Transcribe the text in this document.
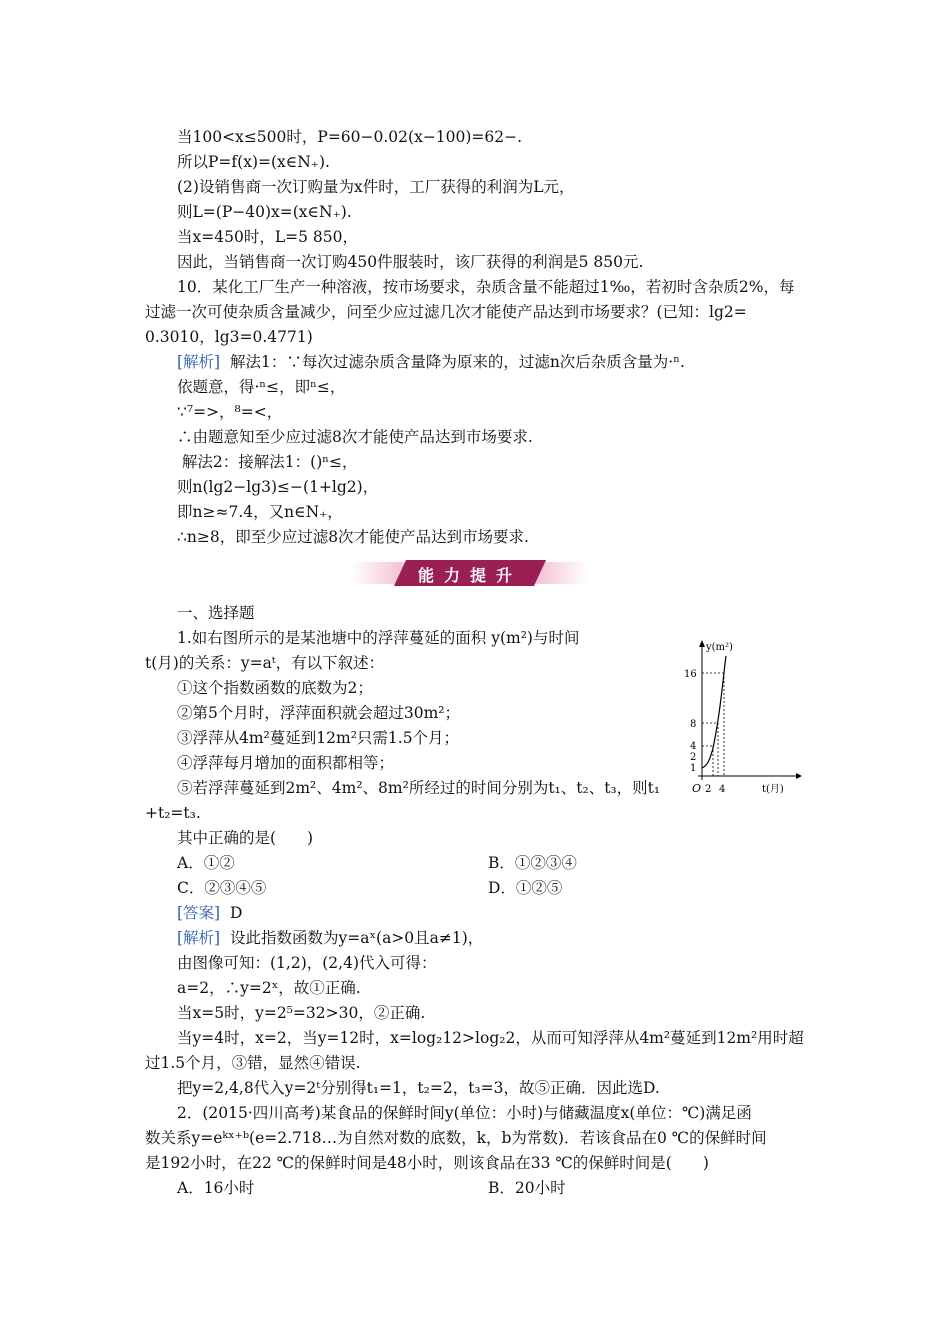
当100<x≤500时，P=60−0.02(x−100)=62−.
所以P=f(x)=(x∈N₊).
(2)设销售商一次订购量为x件时，工厂获得的利润为L元，
则L=(P−40)x=(x∈N₊).
当x=450时，L=5 850，
因此，当销售商一次订购450件服装时，该厂获得的利润是5 850元.
10．某化工厂生产一种溶液，按市场要求，杂质含量不能超过1‰，若初时含杂质2%，每
过滤一次可使杂质含量减少，问至少应过滤几次才能使产品达到市场要求？(已知：lg2=
0.3010，lg3=0.4771)
[解析]  解法1：∵每次过滤杂质含量降为原来的，过滤n次后杂质含量为·ⁿ.
依题意，得·ⁿ≤，即ⁿ≤，
∵⁷=>，⁸=<，
∴由题意知至少应过滤8次才能使产品达到市场要求.
解法2：接解法1：()ⁿ≤，
则n(lg2−lg3)≤−(1+lg2)，
即n≥≈7.4，又n∈N₊，
∴n≥8，即至少应过滤8次才能使产品达到市场要求.
能力提升
一、选择题
1.如右图所示的是某池塘中的浮萍蔓延的面积 y(m²)与时间
t(月)的关系：y=aᵗ，有以下叙述：
①这个指数函数的底数为2；
②第5个月时，浮萍面积就会超过30m²；
③浮萍从4m²蔓延到12m²只需1.5个月；
④浮萍每月增加的面积都相等；
⑤若浮萍蔓延到2m²、4m²、8m²所经过的时间分别为t₁、t₂、t₃，则t₁
+t₂=t₃.
其中正确的是(　　)
A．①②	B．①②③④
C．②③④⑤	D．①②⑤
[答案]  D
[解析]  设此指数函数为y=aˣ(a>0且a≠1)，
由图像可知：(1,2)，(2,4)代入可得：
a=2，∴y=2ˣ，故①正确.
当x=5时，y=2⁵=32>30，②正确.
当y=4时，x=2，当y=12时，x=log₂12>log₂2，从而可知浮萍从4m²蔓延到12m²用时超
过1.5个月，③错，显然④错误.
把y=2,4,8代入y=2ᵗ分别得t₁=1，t₂=2，t₃=3，故⑤正确．因此选D.
2．(2015·四川高考)某食品的保鲜时间y(单位：小时)与储藏温度x(单位：℃)满足函
数关系y=eᵏˣ⁺ᵇ(e=2.718…为自然对数的底数，k，b为常数)．若该食品在0 ℃的保鲜时间
是192小时，在22 ℃的保鲜时间是48小时，则该食品在33 ℃的保鲜时间是(　　)
A．16小时	B．20小时
y(m²)
t(月)
O
16
8
4
2
1
2 4
